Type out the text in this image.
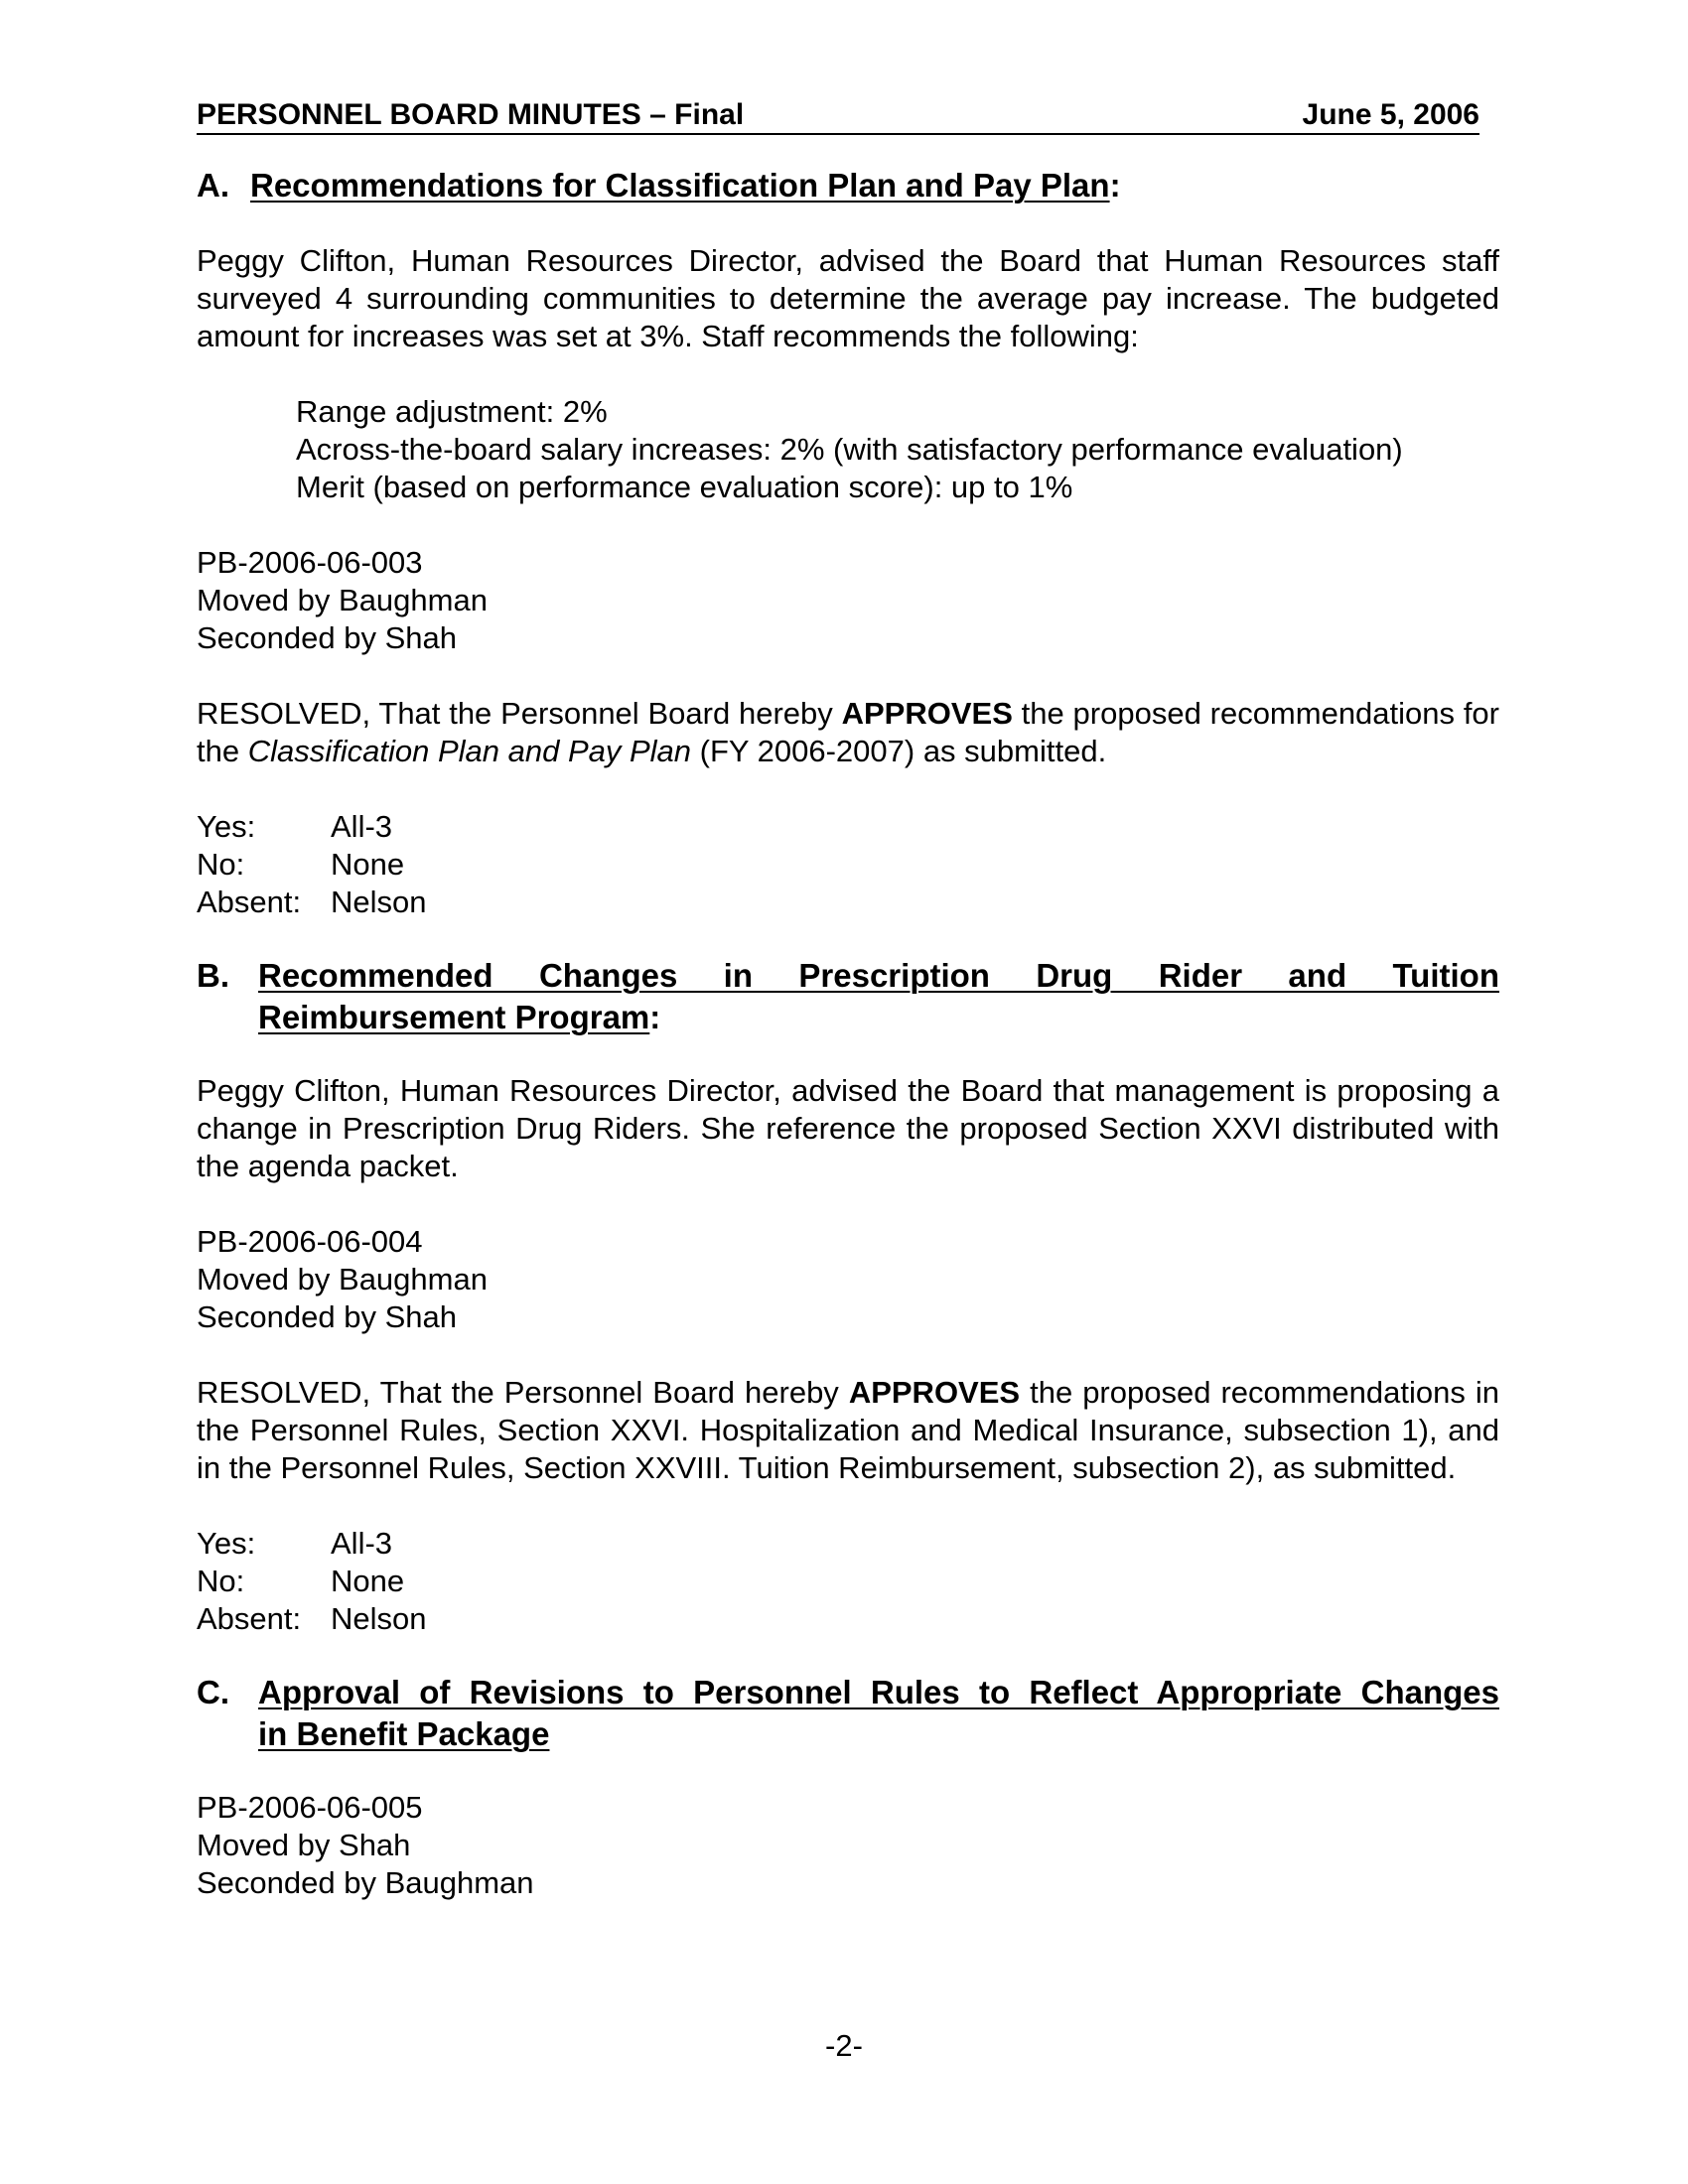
PERSONNEL BOARD MINUTES – Final	June 5, 2006
A. Recommendations for Classification Plan and Pay Plan:

Peggy Clifton, Human Resources Director, advised the Board that Human Resources staff surveyed 4 surrounding communities to determine the average pay increase. The budgeted amount for increases was set at 3%. Staff recommends the following:

Range adjustment: 2%

Across-the-board salary increases: 2% (with satisfactory performance evaluation)

Merit (based on performance evaluation score): up to 1%

PB-2006-06-003

Moved by Baughman

Seconded by Shah

RESOLVED, That the Personnel Board hereby APPROVES the proposed recommendations for the Classification Plan and Pay Plan (FY 2006-2007) as submitted.

Yes:	All-3
No:	None
Absent: Nelson
B. Recommended Changes in Prescription Drug Rider and Tuition
Reimbursement Program:

Peggy Clifton, Human Resources Director, advised the Board that management is proposing a change in Prescription Drug Riders. She reference the proposed Section XXVI distributed with the agenda packet.

PB-2006-06-004

Moved by Baughman

Seconded by Shah

RESOLVED, That the Personnel Board hereby APPROVES the proposed recommendations in the Personnel Rules, Section XXVI. Hospitalization and Medical Insurance, subsection 1), and in the Personnel Rules, Section XXVIII. Tuition Reimbursement, subsection 2), as submitted.

Yes:	All-3
No:	None
Absent: Nelson
C. Approval of Revisions to Personnel Rules to Reflect Appropriate Changes
in Benefit Package

PB-2006-06-005

Moved by Shah

Seconded by Baughman

-2-
